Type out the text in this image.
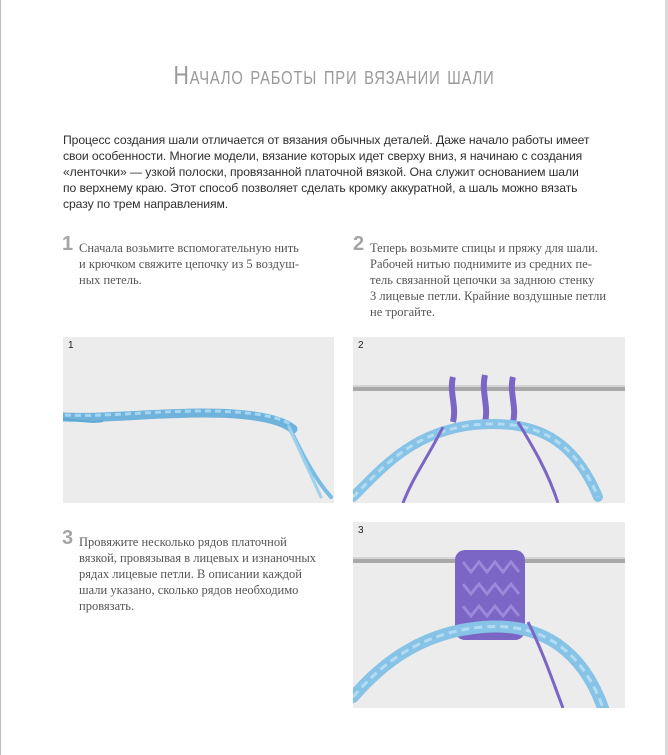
Начало работы при вязании шали
Процесс создания шали отличается от вязания обычных деталей. Даже начало работы имеет
свои особенности. Многие модели, вязание которых идет сверху вниз, я начинаю с создания
«ленточки» — узкой полоски, провязанной платочной вязкой. Она служит основанием шали
по верхнему краю. Этот способ позволяет сделать кромку аккуратной, а шаль можно вязать
сразу по трем направлениям.
1 Сначала возьмите вспомогательную нить
и крючком свяжите цепочку из 5 воздуш-
ных петель.
2 Теперь возьмите спицы и пряжу для шали.
Рабочей нитью поднимите из средних пе-
тель связанной цепочки за заднюю стенку
3 лицевые петли. Крайние воздушные петли
не трогайте.
3 Провяжите несколько рядов платочной
вязкой, провязывая в лицевых и изнаночных
рядах лицевые петли. В описании каждой
шали указано, сколько рядов необходимо
провязать.
1	2
3
